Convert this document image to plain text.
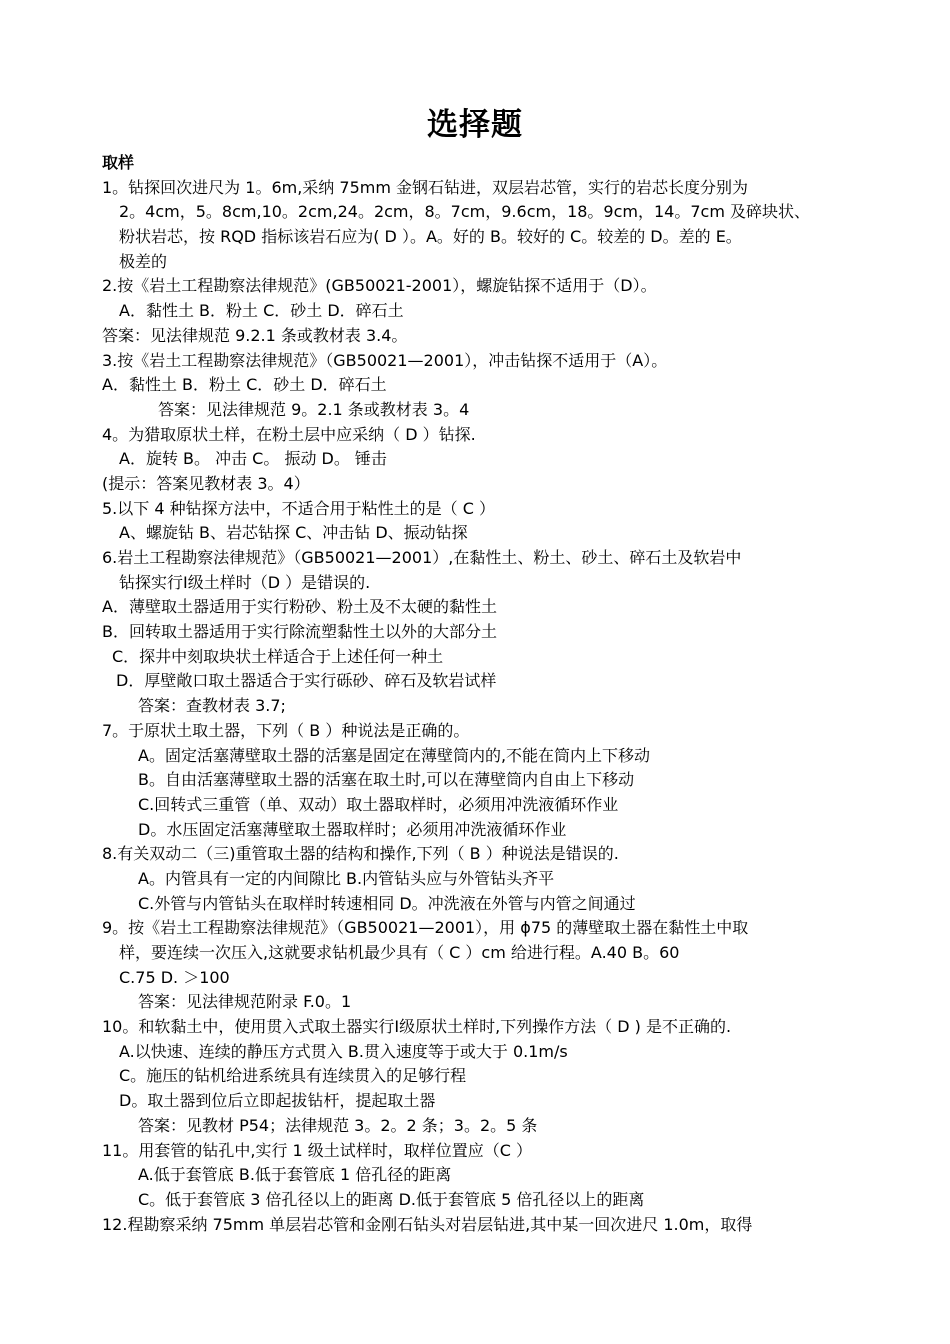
选择题
取样
1。钻探回次进尺为 1。6m,采纳 75mm 金钢石钻进，双层岩芯管，实行的岩芯长度分别为
2。4cm，5。8cm,10。2cm,24。2cm，8。7cm，9.6cm，18。9cm，14。7cm 及碎块状、
粉状岩芯，按 RQD 指标该岩石应为( D ）。A。好的 B。较好的 C。较差的 D。差的 E。
极差的
2.按《岩土工程勘察法律规范》(GB50021-2001），螺旋钻探不适用于（D）。
A．黏性土 B．粉土 C．砂土 D．碎石土
答案：见法律规范 9.2.1 条或教材表 3.4。
3.按《岩土工程勘察法律规范》（GB50021—2001），冲击钻探不适用于（A）。
A．黏性土 B．粉土 C．砂土 D．碎石土
答案：见法律规范 9。2.1 条或教材表 3。4
4。为猎取原状土样，在粉土层中应采纳（ D ）钻探.
A．旋转 B。 冲击 C。 振动 D。 锤击
(提示：答案见教材表 3。4）
5.以下 4 种钻探方法中，不适合用于粘性土的是（ C ）
A、螺旋钻 B、岩芯钻探 C、冲击钻 D、振动钻探
6.岩土工程勘察法律规范》（GB50021—2001）,在黏性土、粉土、砂土、碎石土及软岩中
钻探实行Ⅰ级土样时（D ）是错误的.
A．薄壁取土器适用于实行粉砂、粉土及不太硬的黏性土
B．回转取土器适用于实行除流塑黏性土以外的大部分土
C．探井中刻取块状土样适合于上述任何一种土
D．厚壁敞口取土器适合于实行砾砂、碎石及软岩试样
答案：查教材表 3.7;
7。于原状土取土器，下列（ B ）种说法是正确的。
A。固定活塞薄壁取土器的活塞是固定在薄壁筒内的,不能在筒内上下移动
B。自由活塞薄壁取土器的活塞在取土时,可以在薄壁筒内自由上下移动
C.回转式三重管（单、双动）取土器取样时，必须用冲洗液循环作业
D。水压固定活塞薄壁取土器取样时；必须用冲洗液循环作业
8.有关双动二（三)重管取土器的结构和操作,下列（ B ）种说法是错误的.
A。内管具有一定的内间隙比 B.内管钻头应与外管钻头齐平
C.外管与内管钻头在取样时转速相同 D。冲洗液在外管与内管之间通过
9。按《岩土工程勘察法律规范》（GB50021—2001），用 ϕ75 的薄壁取土器在黏性土中取
样，要连续一次压入,这就要求钻机最少具有（ C ）cm 给进行程。A.40 B。60
C.75 D. ＞100
答案：见法律规范附录 F.0。1
10。和软黏土中，使用贯入式取土器实行Ⅰ级原状土样时,下列操作方法（ D ) 是不正确的.
A.以快速、连续的静压方式贯入 B.贯入速度等于或大于 0.1m/s
C。施压的钻机给进系统具有连续贯入的足够行程
D。取土器到位后立即起拔钻杆，提起取土器
答案：见教材 P54；法律规范 3。2。2 条；3。2。5 条
11。用套管的钻孔中,实行 1 级土试样时，取样位置应（C ）
A.低于套管底 B.低于套管底 1 倍孔径的距离
C。低于套管底 3 倍孔径以上的距离 D.低于套管底 5 倍孔径以上的距离
12.程勘察采纳 75mm 单层岩芯管和金刚石钻头对岩层钻进,其中某一回次进尺 1.0m，取得
